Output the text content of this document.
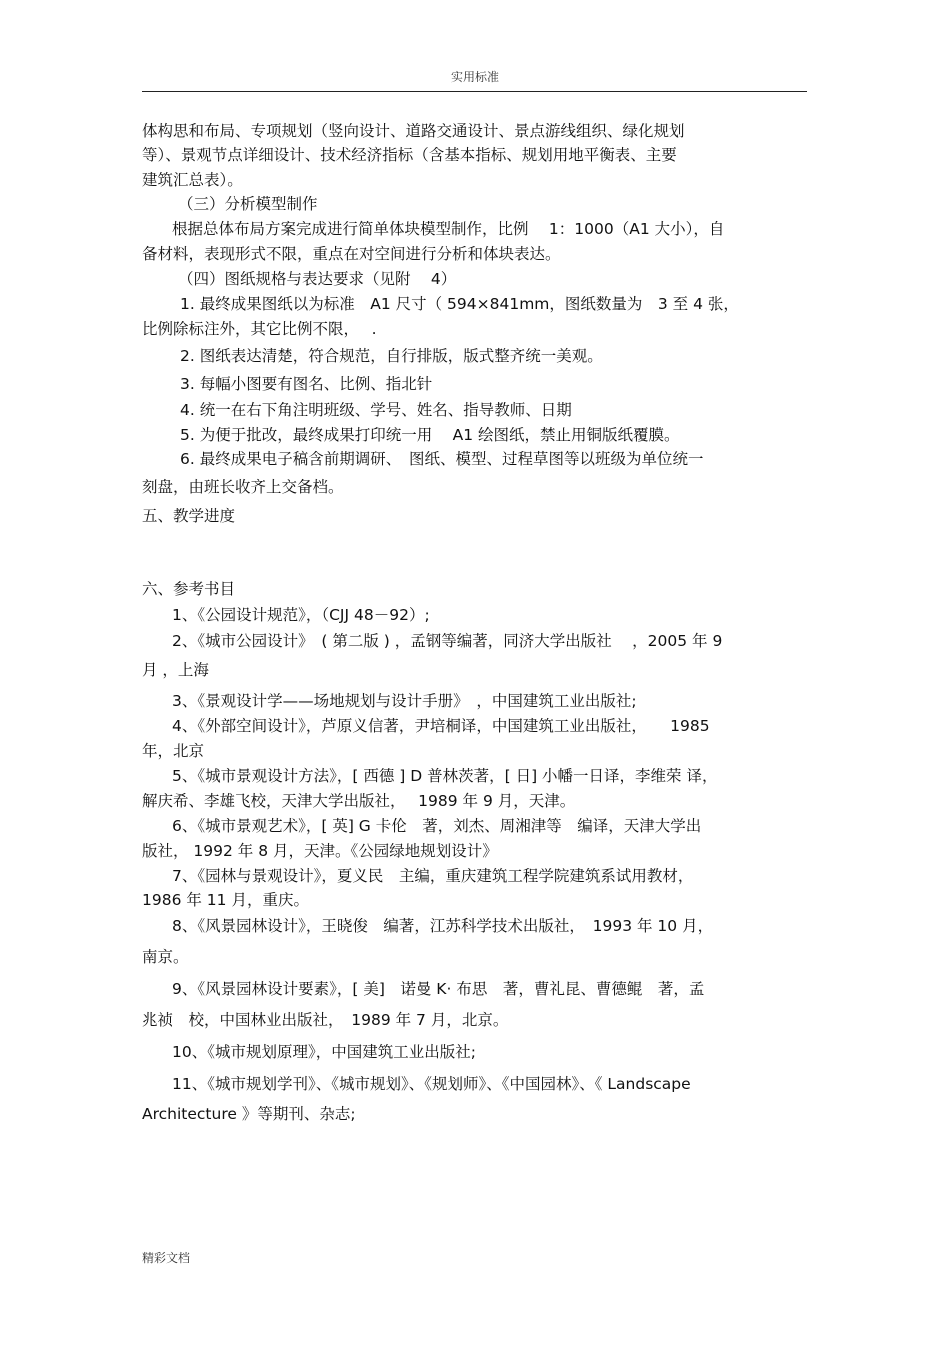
实用标准
体构思和布局、专项规划（竖向设计、道路交通设计、景点游线组织、绿化规划
等）、景观节点详细设计、技术经济指标（含基本指标、规划用地平衡表、主要
建筑汇总表）。
（三）分析模型制作
根据总体布局方案完成进行简单体块模型制作，比例　 1：1000（A1 大小），自
备材料，表现形式不限，重点在对空间进行分析和体块表达。
（四）图纸规格与表达要求（见附　 4）
1. 最终成果图纸以为标准　A1 尺寸（ 594×841mm，图纸数量为　3 至 4 张，
比例除标注外，其它比例不限，　 .
2. 图纸表达清楚，符合规范，自行排版，版式整齐统一美观。
3. 每幅小图要有图名、比例、指北针
4. 统一在右下角注明班级、学号、姓名、指导教师、日期
5. 为便于批改，最终成果打印统一用　 A1 绘图纸，禁止用铜版纸覆膜。
6. 最终成果电子稿含前期调研、　图纸、模型、过程草图等以班级为单位统一
刻盘，由班长收齐上交备档。
五、教学进度
六、参考书目
1、《公园设计规范》，（CJJ 48－92）;
2、《城市公园设计》　( 第二版 ) ，孟钢等编著，同济大学出版社　 ，2005 年 9
月 ，上海
3、《景观设计学——场地规划与设计手册》　，中国建筑工业出版社;
4、《外部空间设计》，芦原义信著，尹培桐译，中国建筑工业出版社，　　1985
年，北京
5、《城市景观设计方法》，[ 西德 ] D 普林茨著，[ 日] 小幡一日译，李维荣 译，
解庆希、李雄飞校，天津大学出版社，　 1989 年 9 月，天津。
6、《城市景观艺术》，[ 英] G 卡伦　著，刘杰、周湘津等　编译，天津大学出
版社， 1992 年 8 月，天津。《公园绿地规划设计》
7、《园林与景观设计》，夏义民　主编，重庆建筑工程学院建筑系试用教材，
1986 年 11 月，重庆。
8、《风景园林设计》，王晓俊　编著，江苏科学技术出版社，　1993 年 10 月，
南京。
9、《风景园林设计要素》，[ 美]　诺曼 K· 布思　著，曹礼昆、曹德鲲　著，孟
兆祯　校，中国林业出版社，　1989 年 7 月，北京。
10、《城市规划原理》，中国建筑工业出版社;
11、《城市规划学刊》、《城市规划》、《规划师》、《中国园林》、《 Landscape
Architecture 》等期刊、杂志;
精彩文档
